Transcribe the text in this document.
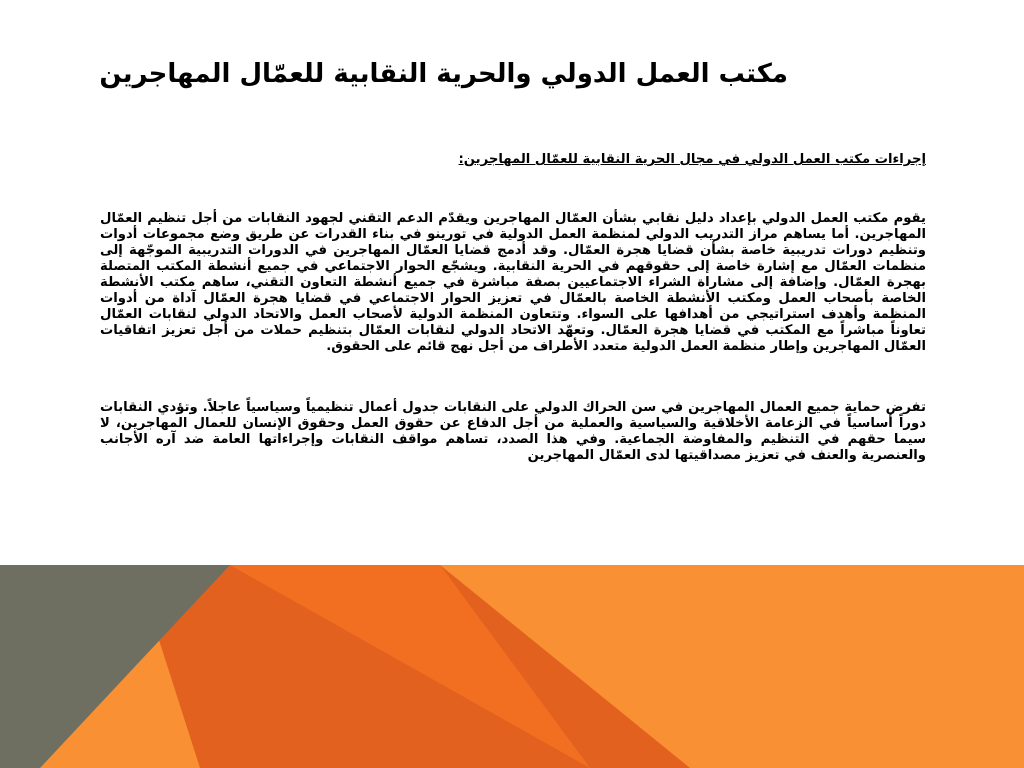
مكتب العمل الدولي والحرية النقابية للعمّال المهاجرين

إجراءات مكتب العمل الدولي في مجال الحرية النقابية للعمّال المهاجرين:

يقوم مكتب العمل الدولي بإعداد دليل نقابي بشأن العمّال المهاجرين ويقدّم الدعم التقني لجهود النقابات من أجل تنظيم العمّال المهاجرين. أما يساهم مراز التدريب الدولي لمنظمة العمل الدولية في تورينو في بناء القدرات عن طريق وضع مجموعات أدوات وتنظيم دورات تدريبية خاصة بشأن قضايا هجرة العمّال. وقد أدمج قضايا العمّال المهاجرين في الدورات التدريبية الموجّهة إلى منظمات العمّال مع إشارة خاصة إلى حقوقهم في الحرية النقابية. ويشجّع الحوار الاجتماعي في جميع أنشطة المكتب المتصلة بهجرة العمّال. وإضافة إلى مشاراة الشراء الاجتماعيين بصفة مباشرة في جميع أنشطة التعاون التقني، ساهم مكتب الأنشطة الخاصة بأصحاب العمل ومكتب الأنشطة الخاصة بالعمّال في تعزيز الحوار الاجتماعي في قضايا هجرة العمّال آداة من أدوات المنظمة وأهدف استراتيجي من أهدافها على السواء. وتتعاون المنظمة الدولية لأصحاب العمل والاتحاد الدولي لنقابات العمّال تعاوناً مباشراً مع المكتب في قضايا هجرة العمّال. وتعهّد الاتحاد الدولي لنقابات العمّال بتنظيم حملات من أجل تعزيز اتفاقيات العمّال المهاجرين وإطار منظمة العمل الدولية متعدد الأطراف من أجل نهج قائم على الحقوق.

تفرض حماية جميع العمال المهاجرين في سن الحراك الدولي على النقابات جدول أعمال تنظيمياً وسياسياً عاجلاً. وتؤدي النقابات دوراً أساسياً في الزعامة الأخلاقية والسياسية والعملية من أجل الدفاع عن حقوق العمل وحقوق الإنسان للعمال المهاجرين، لا سيما حقهم في التنظيم والمفاوضة الجماعية. وفي هذا الصدد، تساهم مواقف النقابات وإجراءاتها العامة ضد آره الأجانب والعنصرية والعنف في تعزيز مصداقيتها لدى العمّال المهاجرين
